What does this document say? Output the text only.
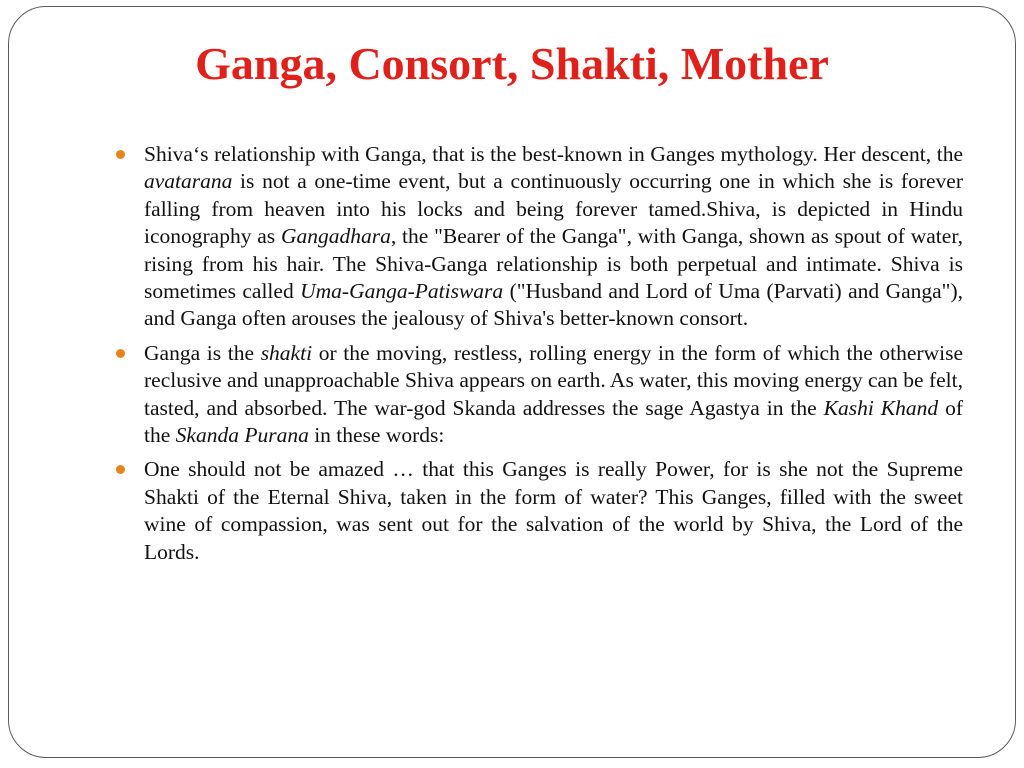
Ganga, Consort, Shakti, Mother
Shiva‘s relationship with Ganga, that is the best-known in Ganges mythology. Her descent, the avatarana is not a one-time event, but a continuously occurring one in which she is forever falling from heaven into his locks and being forever tamed.Shiva, is depicted in Hindu iconography as Gangadhara, the "Bearer of the Ganga", with Ganga, shown as spout of water, rising from his hair. The Shiva-Ganga relationship is both perpetual and intimate. Shiva is sometimes called Uma-Ganga-Patiswara ("Husband and Lord of Uma (Parvati) and Ganga"), and Ganga often arouses the jealousy of Shiva's better-known consort.
Ganga is the shakti or the moving, restless, rolling energy in the form of which the otherwise reclusive and unapproachable Shiva appears on earth. As water, this moving energy can be felt, tasted, and absorbed. The war-god Skanda addresses the sage Agastya in the Kashi Khand of the Skanda Purana in these words:
One should not be amazed … that this Ganges is really Power, for is she not the Supreme Shakti of the Eternal Shiva, taken in the form of water? This Ganges, filled with the sweet wine of compassion, was sent out for the salvation of the world by Shiva, the Lord of the Lords.
